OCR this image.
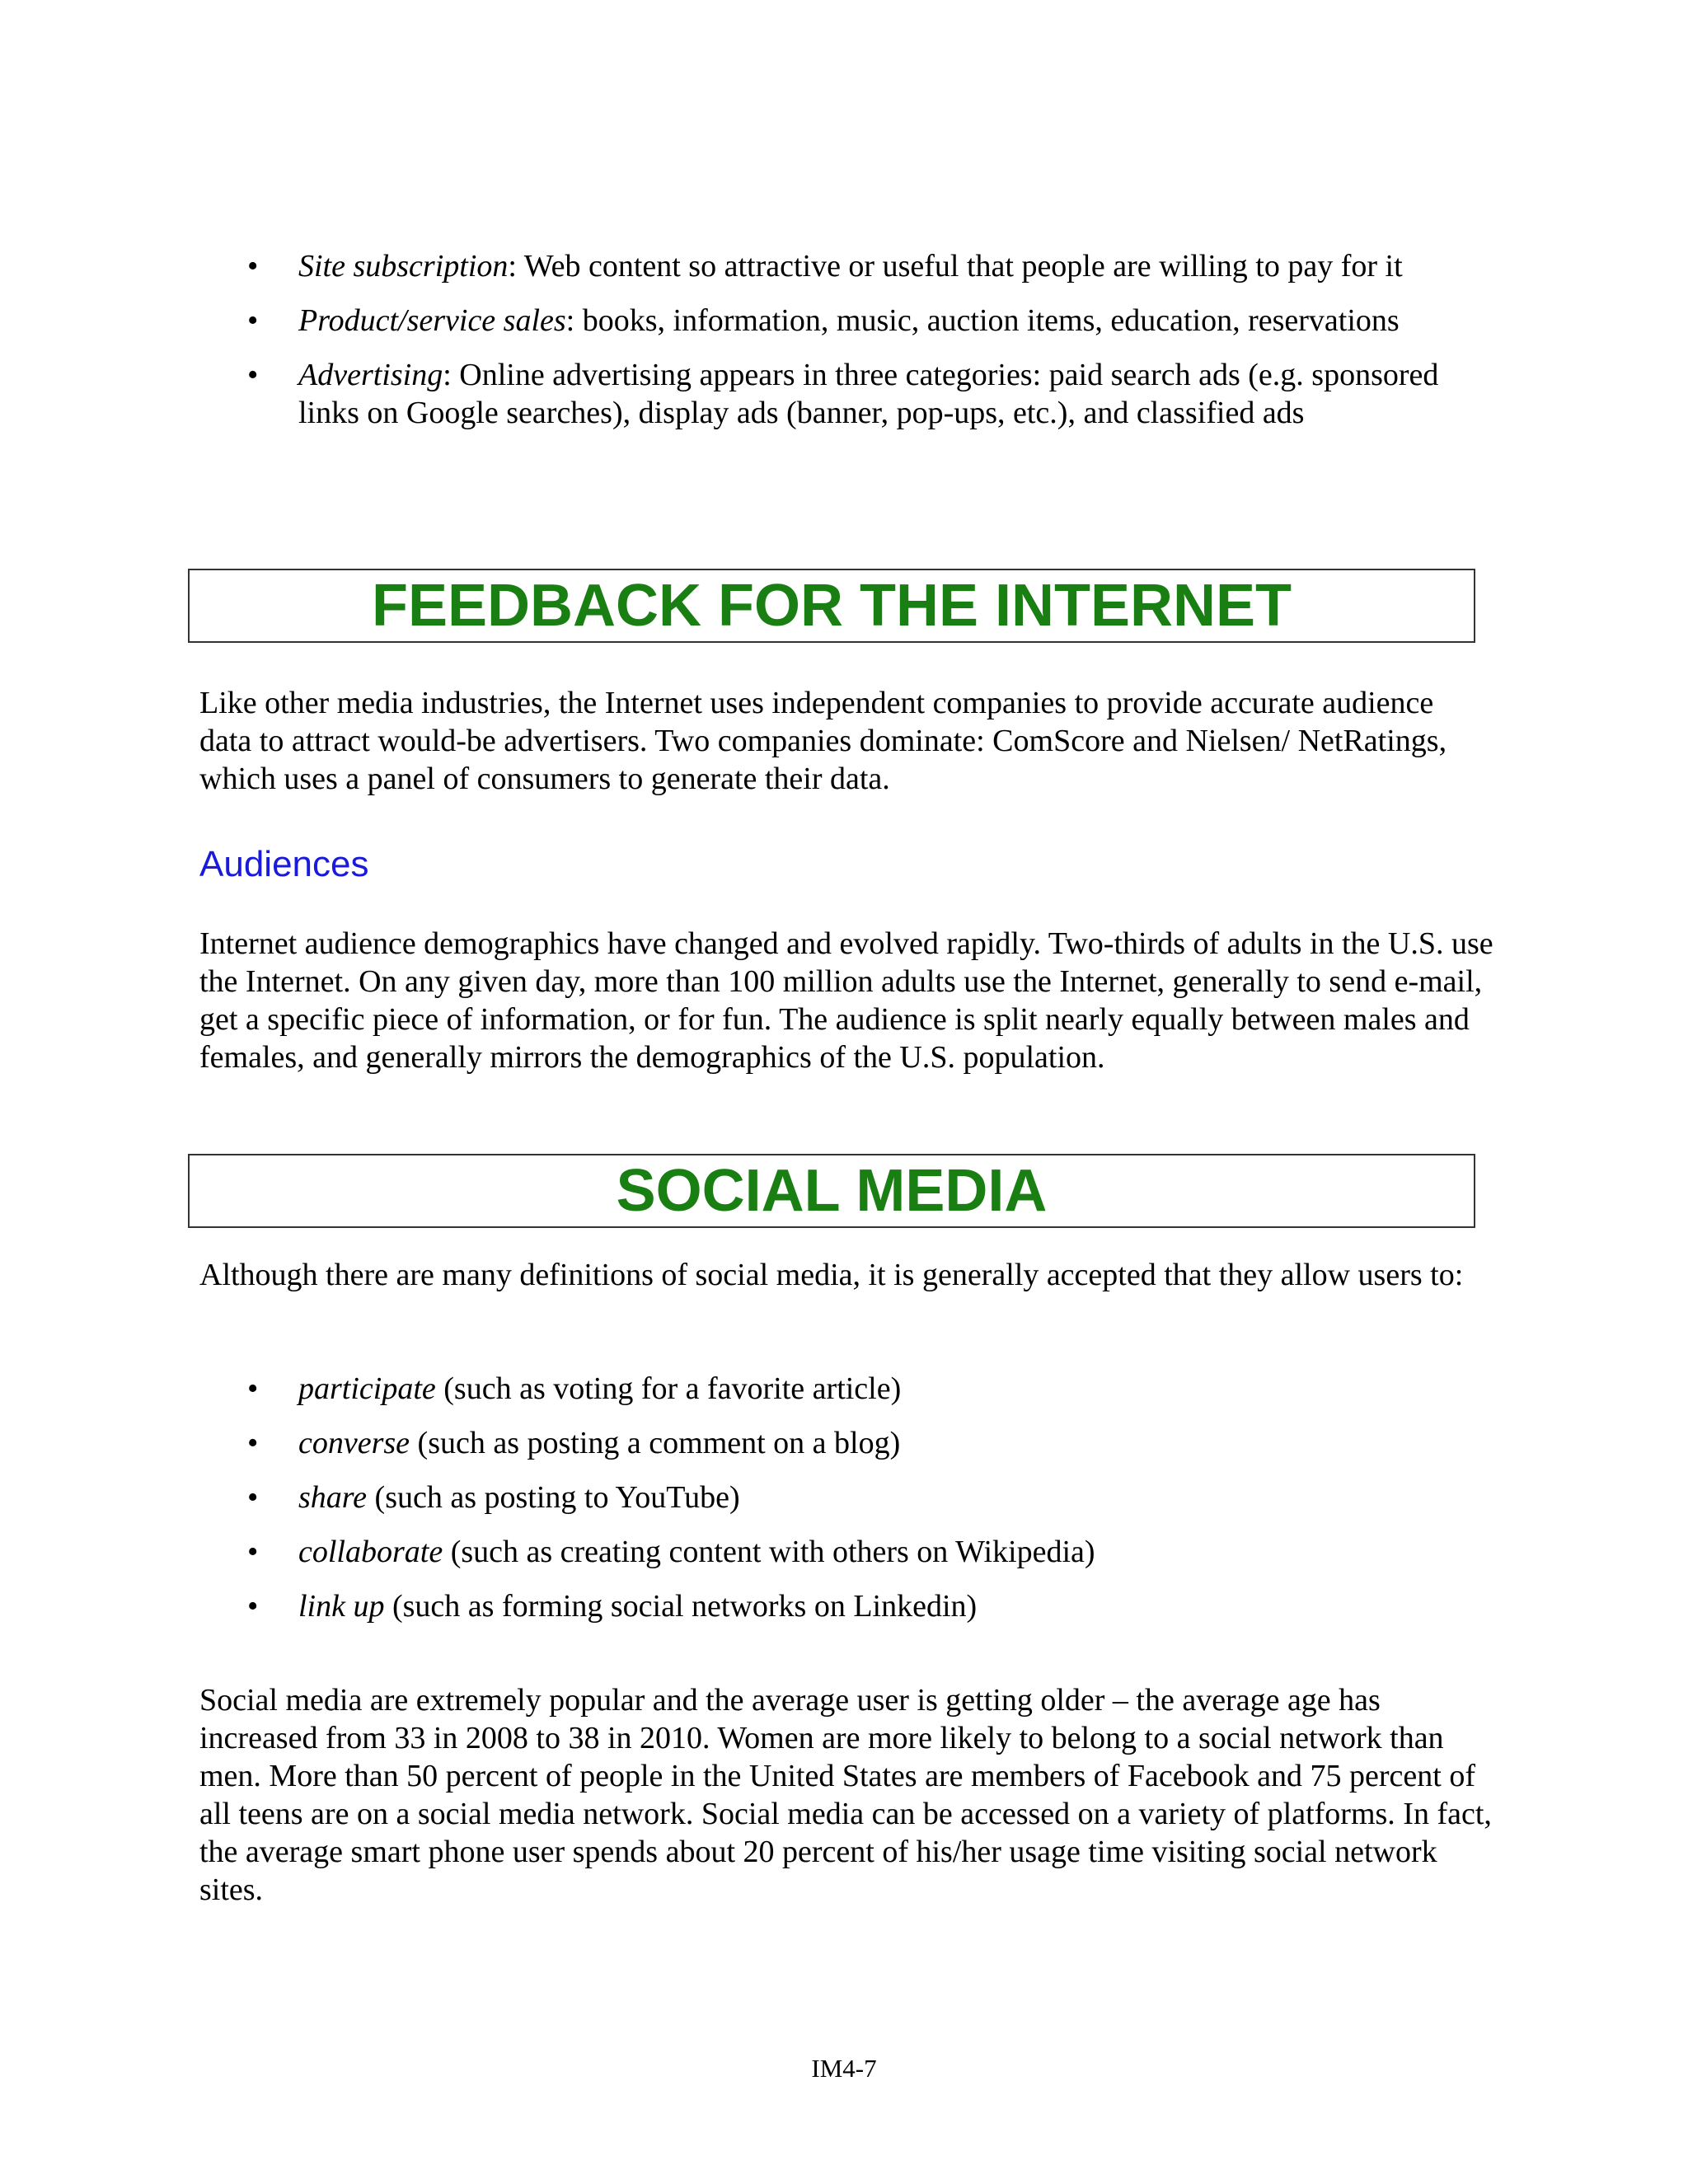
• Site subscription: Web content so attractive or useful that people are willing to pay for it
• Product/service sales: books, information, music, auction items, education, reservations
• Advertising: Online advertising appears in three categories: paid search ads (e.g. sponsored links on Google searches), display ads (banner, pop-ups, etc.), and classified ads
FEEDBACK FOR THE INTERNET

Like other media industries, the Internet uses independent companies to provide accurate audience data to attract would-be advertisers. Two companies dominate: ComScore and Nielsen/ NetRatings, which uses a panel of consumers to generate their data.

Audiences

Internet audience demographics have changed and evolved rapidly. Two-thirds of adults in the U.S. use the Internet. On any given day, more than 100 million adults use the Internet, generally to send e-mail, get a specific piece of information, or for fun. The audience is split nearly equally between males and females, and generally mirrors the demographics of the U.S. population.

SOCIAL MEDIA

Although there are many definitions of social media, it is generally accepted that they allow users to:

• participate (such as voting for a favorite article)
• converse (such as posting a comment on a blog)
• share (such as posting to YouTube)
• collaborate (such as creating content with others on Wikipedia)
• link up (such as forming social networks on Linkedin)

Social media are extremely popular and the average user is getting older – the average age has increased from 33 in 2008 to 38 in 2010. Women are more likely to belong to a social network than men. More than 50 percent of people in the United States are members of Facebook and 75 percent of all teens are on a social media network. Social media can be accessed on a variety of platforms. In fact, the average smart phone user spends about 20 percent of his/her usage time visiting social network sites.

IM4-7
